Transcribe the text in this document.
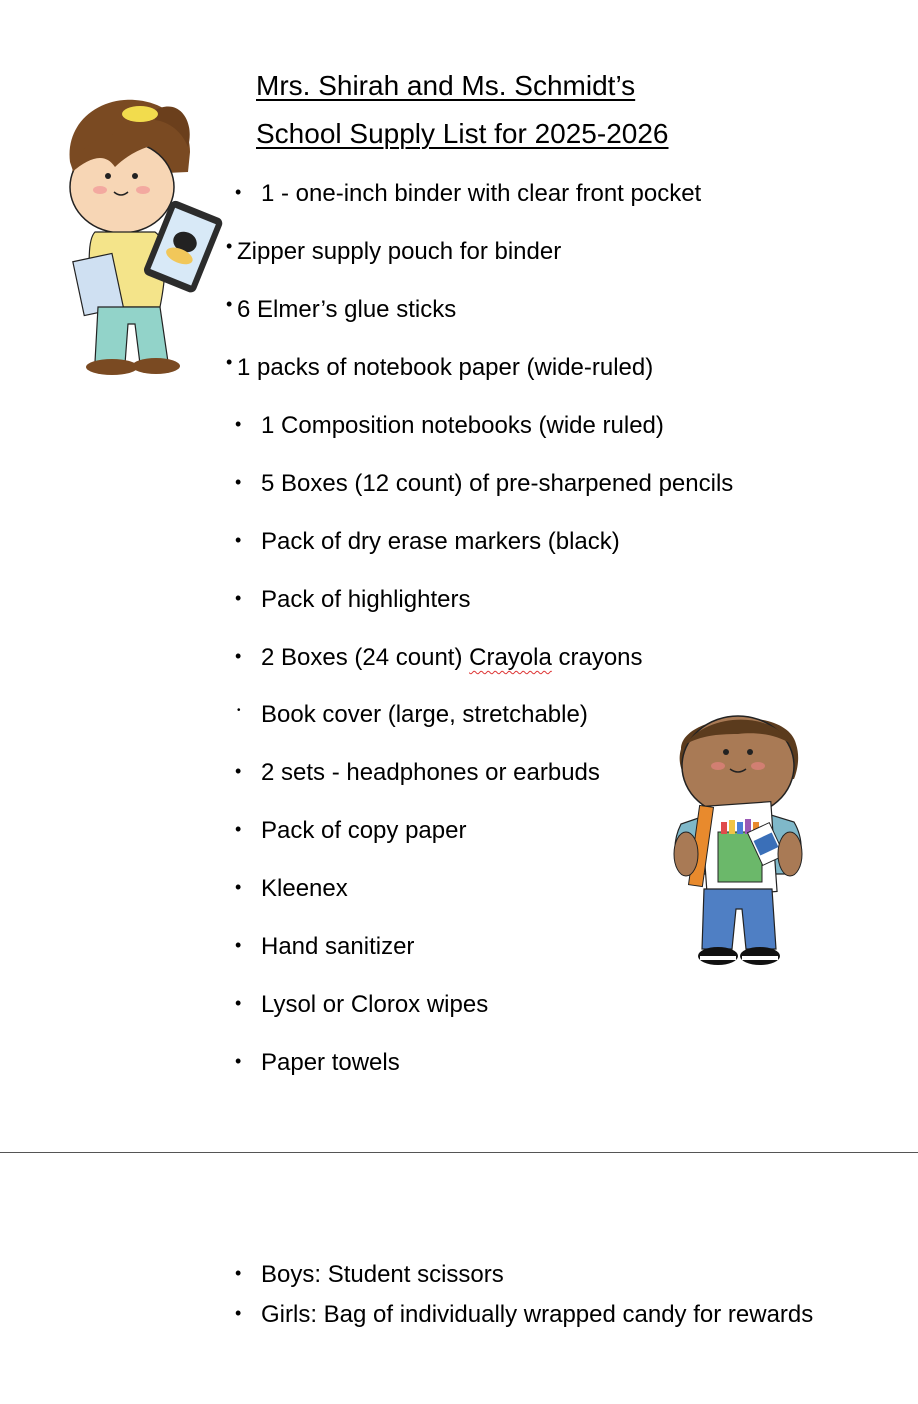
Mrs. Shirah and Ms. Schmidt’s
School Supply List for 2025-2026
• 1 - one-inch binder with clear front pocket
• Zipper supply pouch for binder
• 6 Elmer’s glue sticks
• 1 packs of notebook paper (wide-ruled)
• 1 Composition notebooks (wide ruled)
• 5 Boxes (12 count) of pre-sharpened pencils
• Pack of dry erase markers (black)
• Pack of highlighters
• 2 Boxes (24 count) Crayola crayons
• Book cover (large, stretchable)
• 2 sets - headphones or earbuds
• Pack of copy paper
• Kleenex
• Hand sanitizer
• Lysol or Clorox wipes
• Paper towels
• Boys: Student scissors
• Girls: Bag of individually wrapped candy for rewards
